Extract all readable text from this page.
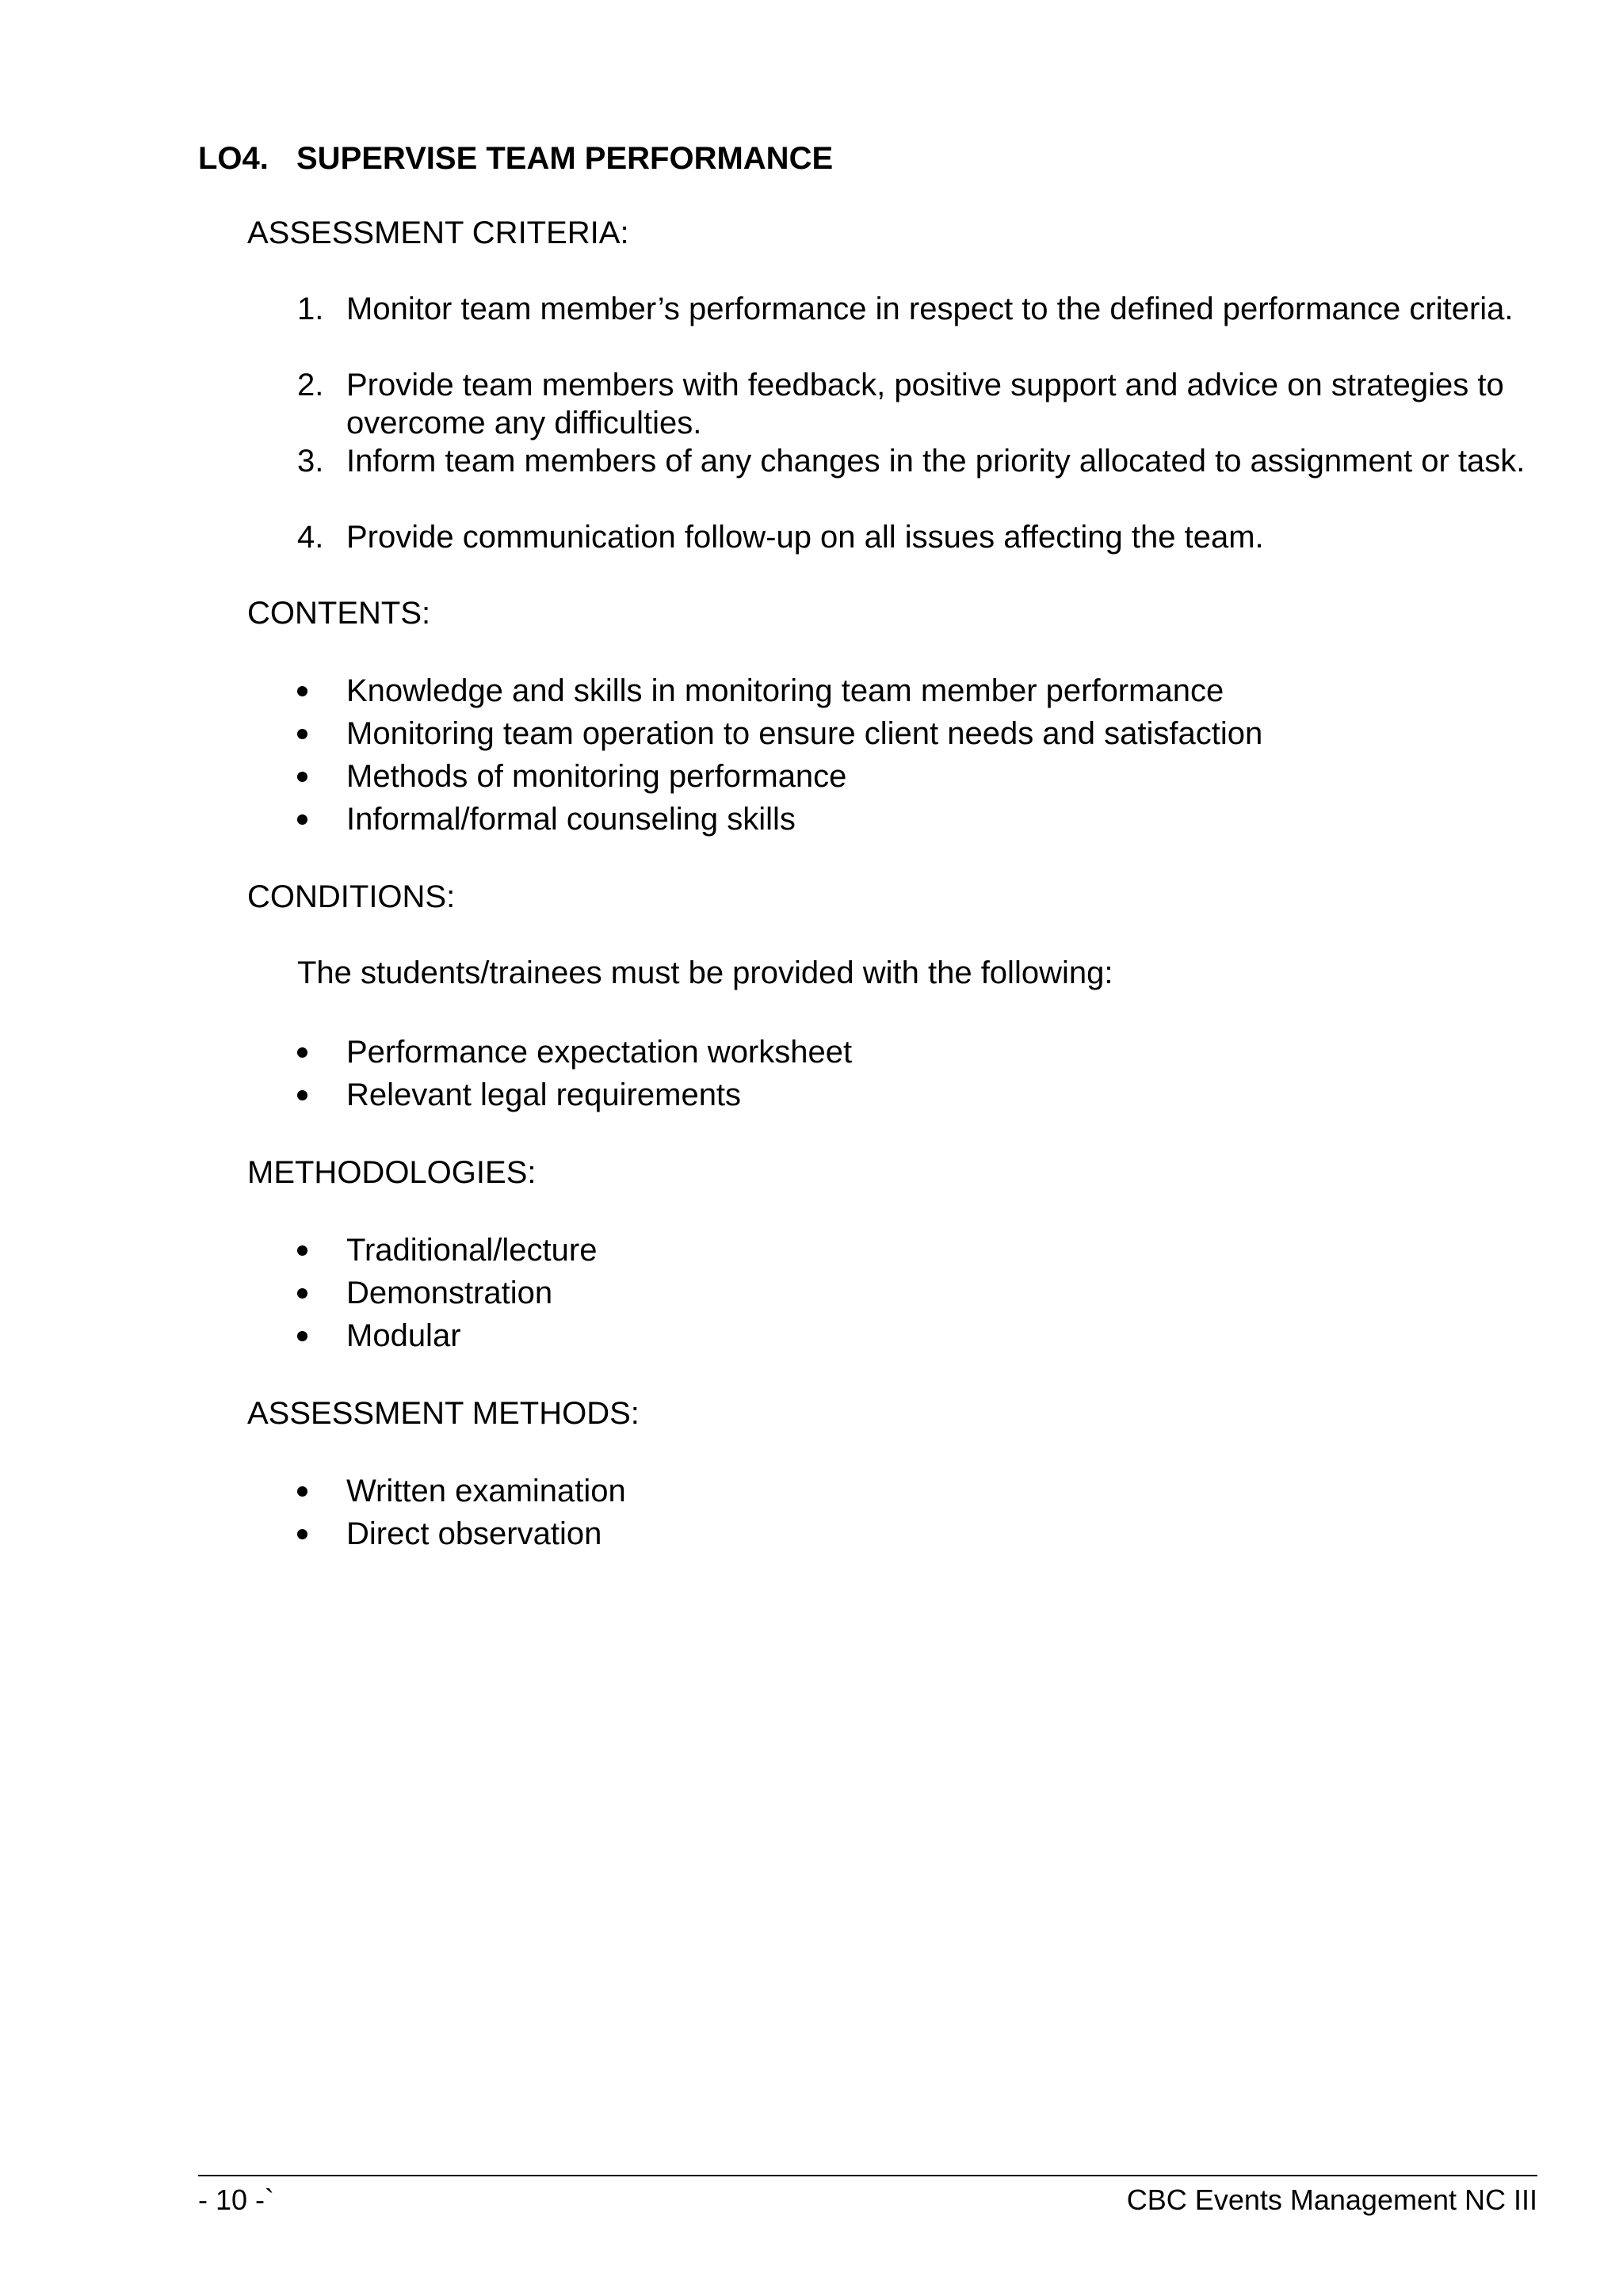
LO4. SUPERVISE TEAM PERFORMANCE
ASSESSMENT CRITERIA:
1. Monitor team member’s performance in respect to the defined performance criteria.
2. Provide team members with feedback, positive support and advice on strategies to overcome any difficulties.
3. Inform team members of any changes in the priority allocated to assignment or task.
4. Provide communication follow-up on all issues affecting the team.
CONTENTS:
Knowledge and skills in monitoring team member performance
Monitoring team operation to ensure client needs and satisfaction
Methods of monitoring performance
Informal/formal counseling skills
CONDITIONS:
The students/trainees must be provided with the following:
Performance expectation worksheet
Relevant legal requirements
METHODOLOGIES:
Traditional/lecture
Demonstration
Modular
ASSESSMENT METHODS:
Written examination
Direct observation
- 10 -`	CBC Events Management NC III
